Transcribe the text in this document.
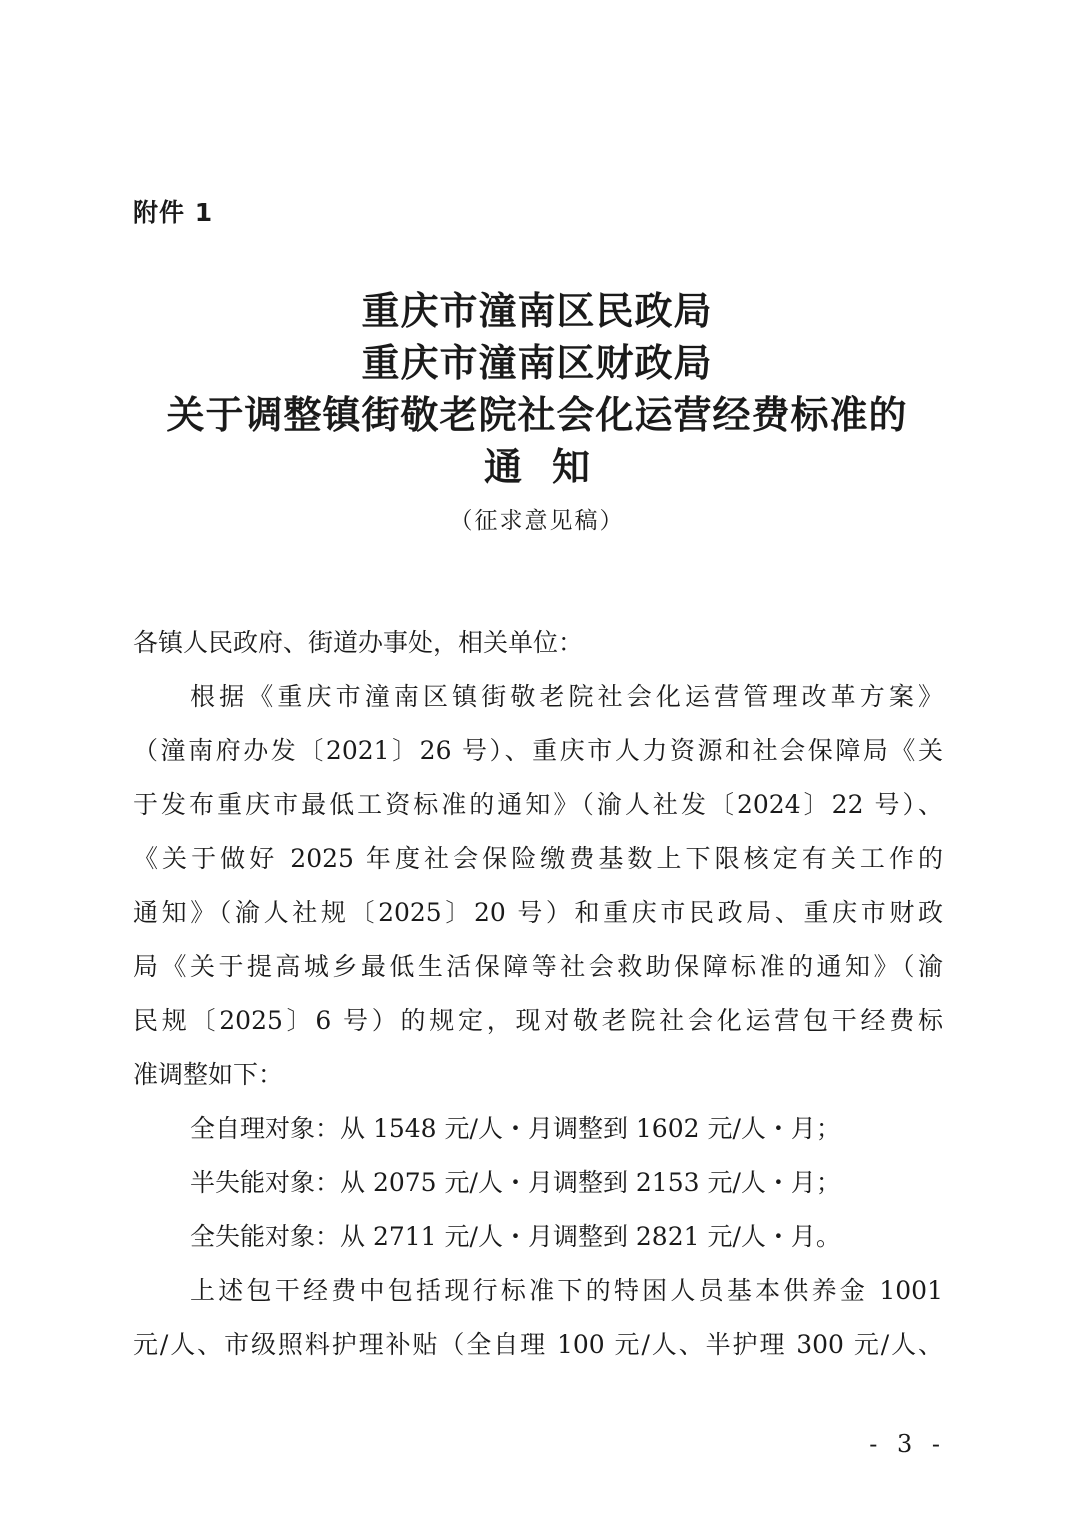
附件 1
重庆市潼南区民政局
重庆市潼南区财政局
关于调整镇街敬老院社会化运营经费标准的
通知
（征求意见稿）
各镇人民政府、街道办事处，相关单位：
根据《重庆市潼南区镇街敬老院社会化运营管理改革方案》
（潼南府办发〔2021〕26 号）、重庆市人力资源和社会保障局《关
于发布重庆市最低工资标准的通知》（渝人社发〔2024〕22 号）、
《关于做好 2025 年度社会保险缴费基数上下限核定有关工作的
通知》（渝人社规〔2025〕20 号）和重庆市民政局、重庆市财政
局《关于提高城乡最低生活保障等社会救助保障标准的通知》（渝
民规〔2025〕6 号）的规定，现对敬老院社会化运营包干经费标
准调整如下：
全自理对象：从 1548 元/人・月调整到 1602 元/人・月；
半失能对象：从 2075 元/人・月调整到 2153 元/人・月；
全失能对象：从 2711 元/人・月调整到 2821 元/人・月。
上述包干经费中包括现行标准下的特困人员基本供养金 1001
元/人、市级照料护理补贴（全自理 100 元/人、半护理 300 元/人、
- 3 -
